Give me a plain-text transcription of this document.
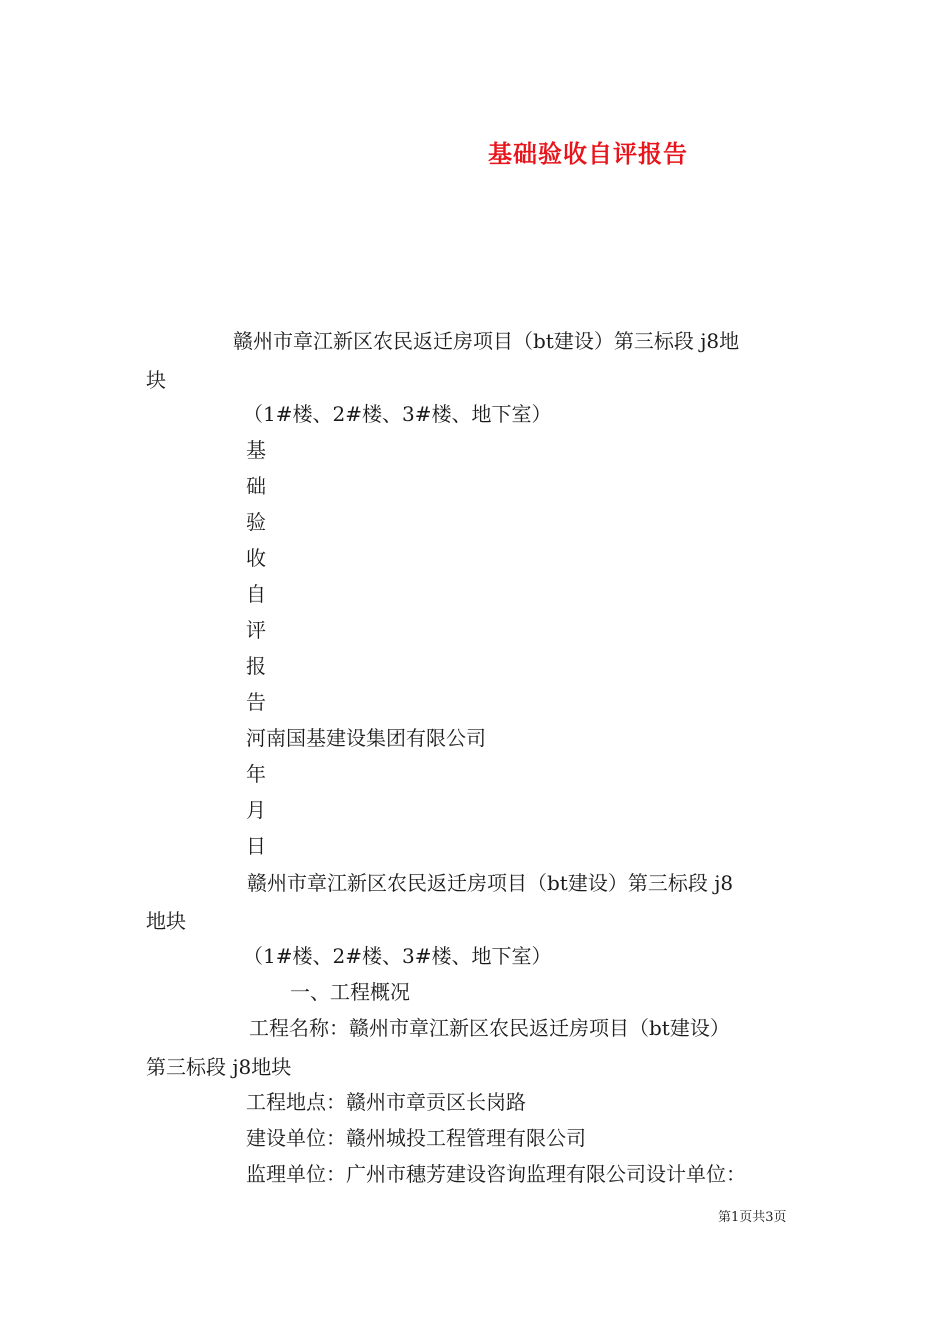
基础验收自评报告
赣州市章江新区农民返迁房项目（bt建设）第三标段 j8地
块
（1#楼、2#楼、3#楼、地下室）
基
础
验
收
自
评
报
告
河南国基建设集团有限公司
年
月
日
赣州市章江新区农民返迁房项目（bt建设）第三标段 j8
地块
（1#楼、2#楼、3#楼、地下室）
一、工程概况
工程名称：赣州市章江新区农民返迁房项目（bt建设）
第三标段 j8地块
工程地点：赣州市章贡区长岗路
建设单位：赣州城投工程管理有限公司
监理单位：广州市穗芳建设咨询监理有限公司设计单位：
第1页共3页
